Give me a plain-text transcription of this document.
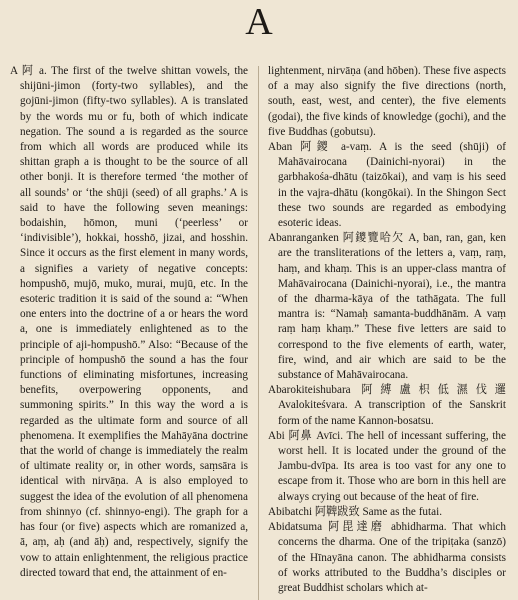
A

A 阿 a. The first of the twelve shittan vowels, the shijūni-jimon (forty-two syllables), and the gojūni-jimon (fifty-two syllables). A is translated by the words mu or fu, both of which indicate negation. The sound a is regarded as the source from which all words are produced while its shittan graph a is thought to be the source of all other bonji. It is therefore termed ‘the mother of all sounds’ or ‘the shūji (seed) of all graphs.’ A is said to have the following seven meanings: bodaishin, hōmon, muni (‘peerless’ or ‘indivisible’), hokkai, hosshō, jizai, and hosshin. Since it occurs as the first element in many words, a signifies a variety of negative concepts: hompushō, mujō, muko, murai, mujū, etc. In the esoteric tradition it is said of the sound a: “When one enters into the doctrine of a or hears the word a, one is immediately enlightened as to the principle of aji-hompushō.” Also: “Because of the principle of hompushō the sound a has the four functions of eliminating misfortunes, increasing benefits, overpowering opponents, and summoning spirits.” In this way the word a is regarded as the ultimate form and source of all phenomena. It exemplifies the Mahāyāna doctrine that the world of change is immediately the realm of ultimate reality or, in other words, saṃsāra is identical with nirvāṇa. A is also employed to suggest the idea of the evolution of all phenomena from shinnyo (cf. shinnyo-engi). The graph for a has four (or five) aspects which are romanized a, ā, aṃ, aḥ (and āḥ) and, respectively, signify the vow to attain enlightenment, the religious practice directed toward that end, the attainment of en-

lightenment, nirvāṇa (and hōben). These five aspects of a may also signify the five directions (north, south, east, west, and center), the five elements (godai), the five kinds of knowledge (gochi), and the five Buddhas (gobutsu).

Aban 阿鑁 a-vaṃ. A is the seed (shūji) of Mahāvairocana (Dainichi-nyorai) in the garbhakośa-dhātu (taizōkai), and vaṃ is his seed in the vajra-dhātu (kongōkai). In the Shingon Sect these two sounds are regarded as embodying esoteric ideas.

Abanranganken 阿鑁覽哈欠 A, ban, ran, gan, ken are the transliterations of the letters a, vaṃ, raṃ, haṃ, and khaṃ. This is an upper-class mantra of Mahāvairocana (Dainichi-nyorai), i.e., the mantra of the dharma-kāya of the tathāgata. The full mantra is: “Namaḥ samanta-buddhānām. A vaṃ raṃ haṃ khaṃ.” These five letters are said to correspond to the five elements of earth, water, fire, wind, and air which are said to be the substance of Mahāvairocana.

Abarokiteishubara 阿縛盧枳低濕伐邏 Avalokiteśvara. A transcription of the Sanskrit form of the name Kannon-bosatsu.

Abi 阿鼻 Avīci. The hell of incessant suffering, the worst hell. It is located under the ground of the Jambu-dvīpa. Its area is too vast for any one to escape from it. Those who are born in this hell are always crying out because of the heat of fire.

Abibatchi 阿鞞跋致 Same as the futai.

Abidatsuma 阿毘達磨 abhidharma. That which concerns the dharma. One of the tripiṭaka (sanzō) of the Hīnayāna canon. The abhidharma consists of works attributed to the Buddha’s disciples or great Buddhist scholars which at-
